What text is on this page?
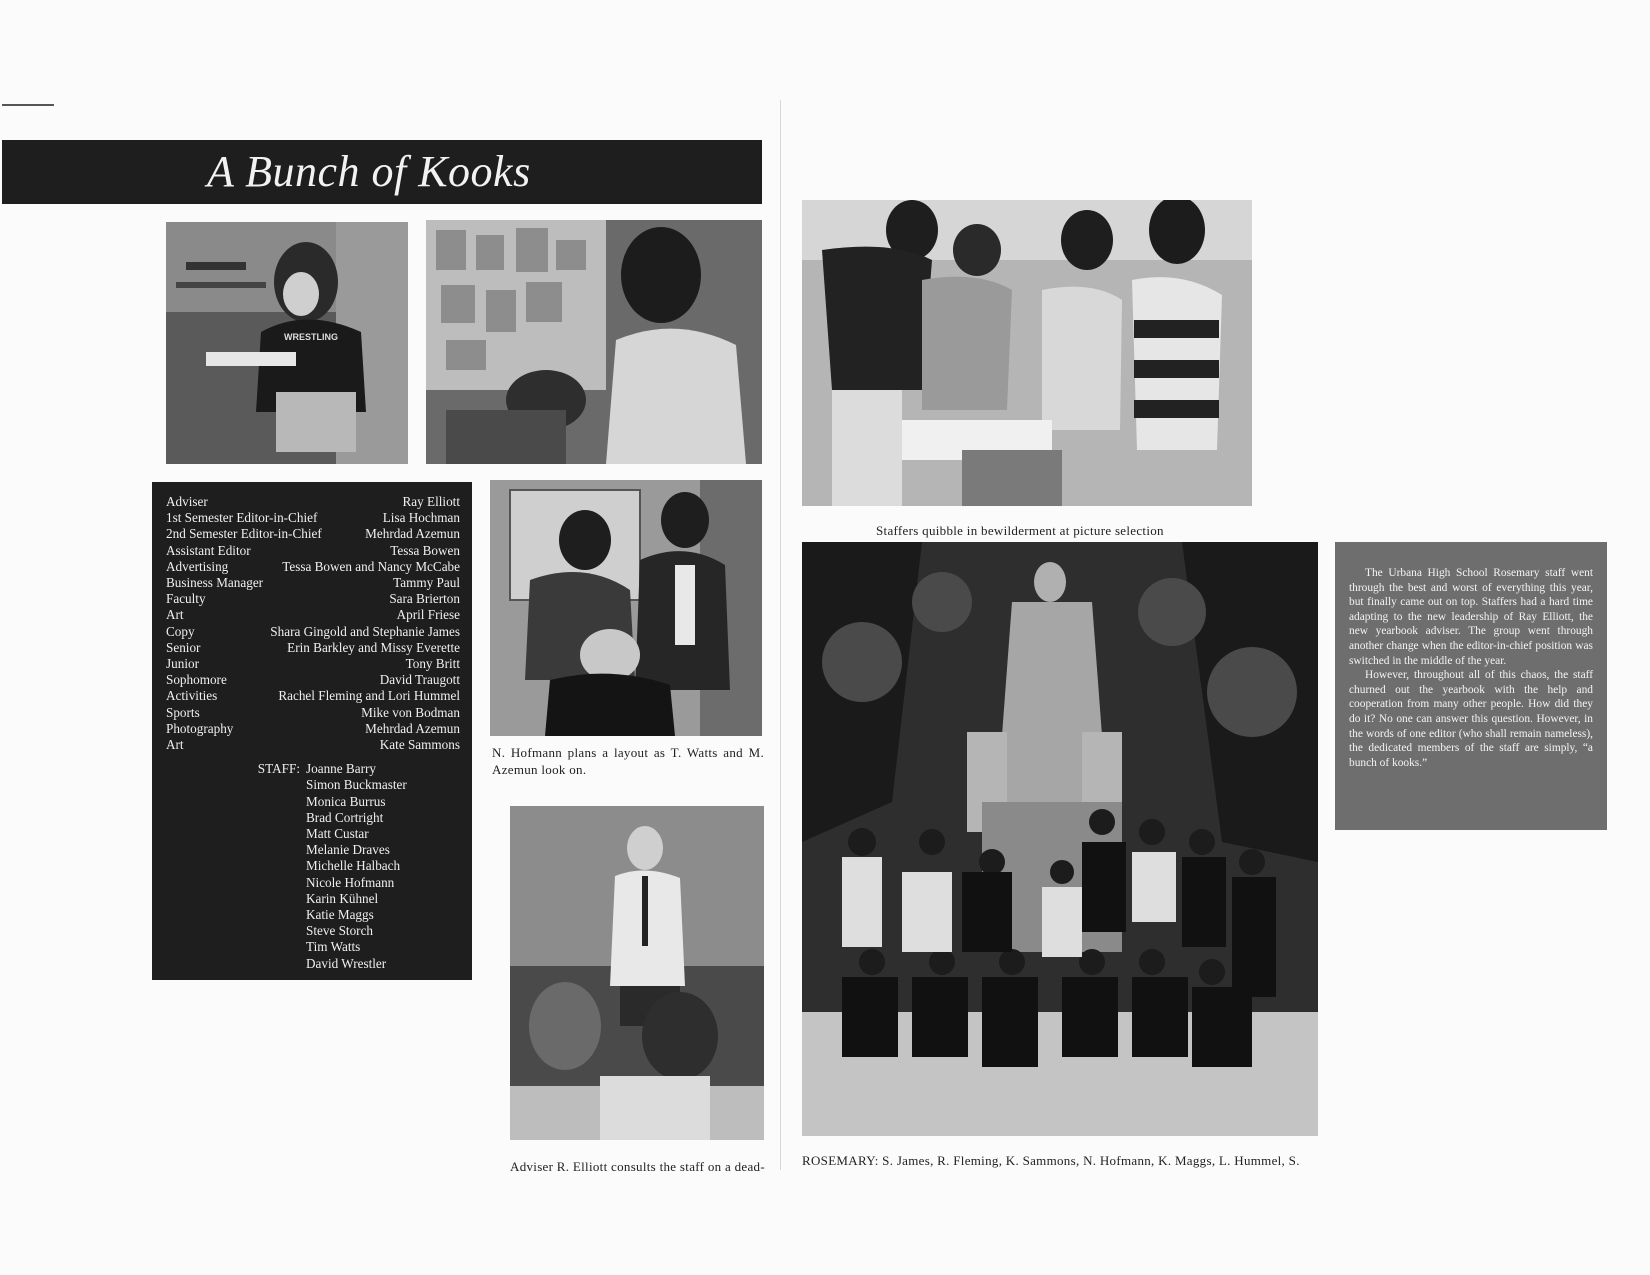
A Bunch of Kooks
WRESTLING
Adviser	Ray Elliott
1st Semester Editor-in-Chief	Lisa Hochman
2nd Semester Editor-in-Chief	Mehrdad Azemun
Assistant Editor	Tessa Bowen
Advertising	Tessa Bowen and Nancy McCabe
Business Manager	Tammy Paul
Faculty	Sara Brierton
Art	April Friese
Copy	Shara Gingold and Stephanie James
Senior	Erin Barkley and Missy Everette
Junior	Tony Britt
Sophomore	David Traugott
Activities	Rachel Fleming and Lori Hummel
Sports	Mike von Bodman
Photography	Mehrdad Azemun
Art	Kate Sammons
STAFF: Joanne Barry
Simon Buckmaster
Monica Burrus
Brad Cortright
Matt Custar
Melanie Draves
Michelle Halbach
Nicole Hofmann
Karin Kühnel
Katie Maggs
Steve Storch
Tim Watts
David Wrestler
N. Hofmann plans a layout as T. Watts and M. Azemun look on.
Adviser R. Elliott consults the staff on a dead-
Staffers quibble in bewilderment at picture selection
ROSEMARY: S. James, R. Fleming, K. Sammons, N. Hofmann, K. Maggs, L. Hummel, S.

The Urbana High School Rosemary staff went through the best and worst of everything this year, but finally came out on top. Staffers had a hard time adapting to the new leadership of Ray Elliott, the new yearbook adviser. The group went through another change when the editor-in-chief position was switched in the middle of the year.

However, throughout all of this chaos, the staff churned out the yearbook with the help and cooperation from many other people. How did they do it? No one can answer this question. However, in the words of one editor (who shall remain nameless), the dedicated members of the staff are simply, “a bunch of kooks.”
